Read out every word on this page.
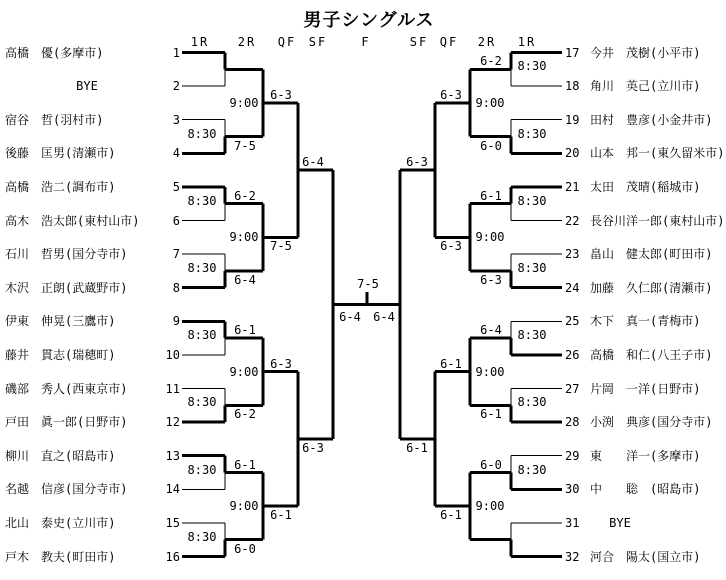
男子シングルス
1R 2R QF SF	F	SF QF 2R 1R
1
高橋　優(多摩市)
2
BYE
3
宿谷　哲(羽村市)
4
後藤　匡男(清瀬市)
5
高橋　浩二(調布市)
6
高木　浩太郎(東村山市)
7
石川　哲男(国分寺市)
8
木沢　正朗(武蔵野市)
9
伊東　伸晃(三鷹市)
10
藤井　貫志(瑞穂町)
11
磯部　秀人(西東京市)
12
戸田　眞一郎(日野市)
13
柳川　直之(昭島市)
14
名越　信彦(国分寺市)
15
北山　泰史(立川市)
16
戸木　教夫(町田市)
17 今井　茂樹(小平市)
18 角川　英己(立川市)
19 田村　豊彦(小金井市)
20 山本　邦一(東久留米市)
21 太田　茂晴(稲城市)
22 長谷川洋一郎(東村山市)
23 畠山　健太郎(町田市)
24 加藤　久仁郎(清瀬市)
25 木下　真一(青梅市)
26 高橋　和仁(八王子市)
27 片岡　一洋(日野市)
28 小渕　典彦(国分寺市)
29 東　　洋一(多摩市)
30 中　　聡　(昭島市)
31 BYE
32 河合　陽太(国立市)
8:30
7-5
8:30 6-2
8:30
6-4
8:30 6-1
8:30
6-2
8:30 6-1
8:30
6-0
8:30
6-2
8:30
6-0
8:30
6-1
8:30
6-3
8:30
6-4
8:30
6-1
8:30
6-0
9:00
6-3
9:00
7-5
9:00
6-3
9:00
6-1
9:00
6-3
9:00
6-3
9:00
6-1
9:00
6-1
6-4
6-3
6-3
6-1
6-4 6-4
7-5
